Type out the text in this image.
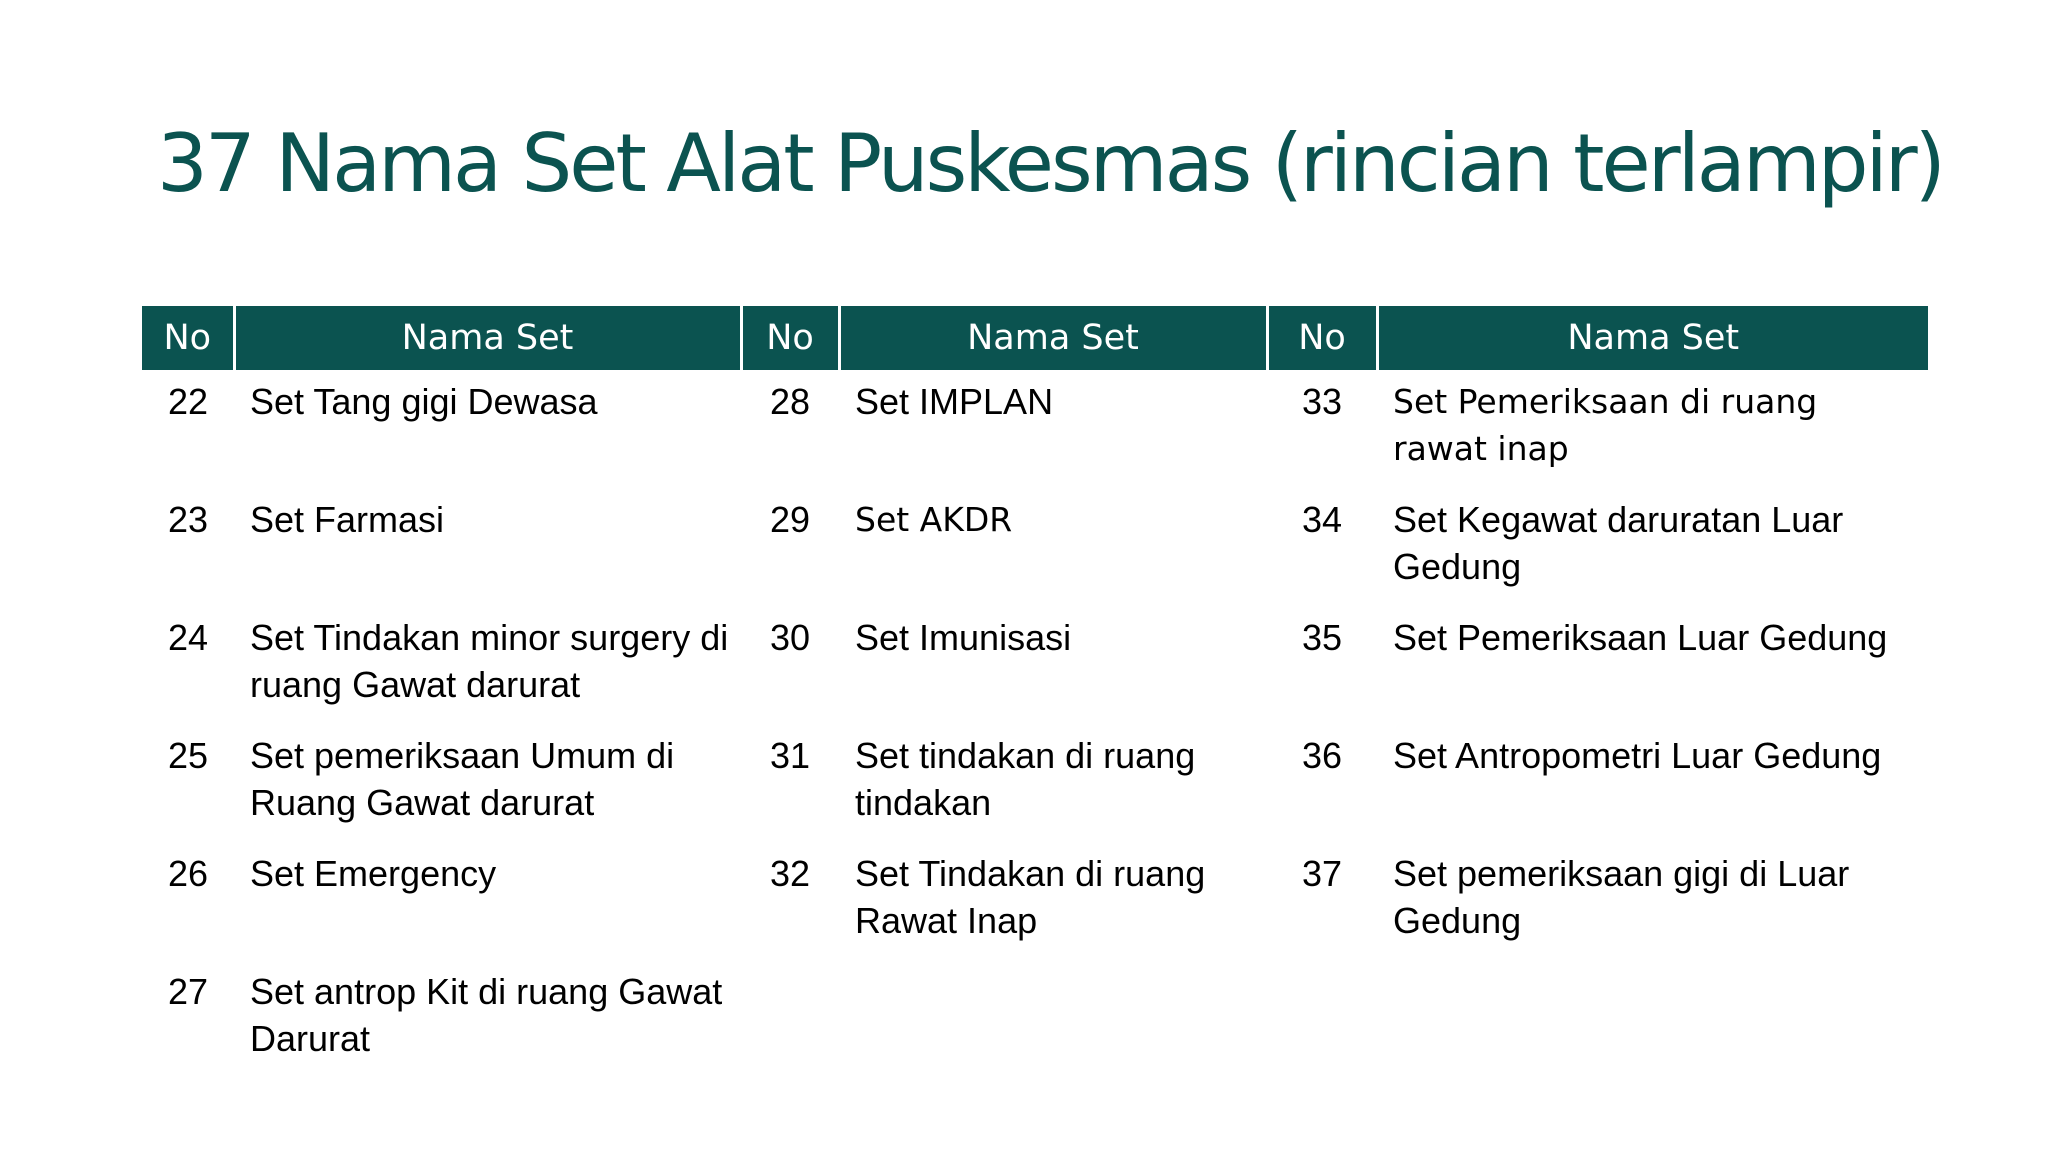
37 Nama Set Alat Puskesmas (rincian terlampir)
No	Nama Set	No	Nama Set	No	Nama Set
22	Set Tang gigi Dewasa	28	Set IMPLAN	33	Set Pemeriksaan di ruang rawat inap
23	Set Farmasi	29	Set AKDR	34	Set Kegawat daruratan Luar Gedung
24	Set Tindakan minor surgery di ruang Gawat darurat	30	Set Imunisasi	35	Set Pemeriksaan Luar Gedung
25	Set pemeriksaan Umum di Ruang Gawat darurat	31	Set tindakan di ruang tindakan	36	Set Antropometri Luar Gedung
26	Set Emergency	32	Set Tindakan di ruang Rawat Inap	37	Set pemeriksaan gigi di Luar Gedung
27	Set antrop Kit di ruang Gawat Darurat				
